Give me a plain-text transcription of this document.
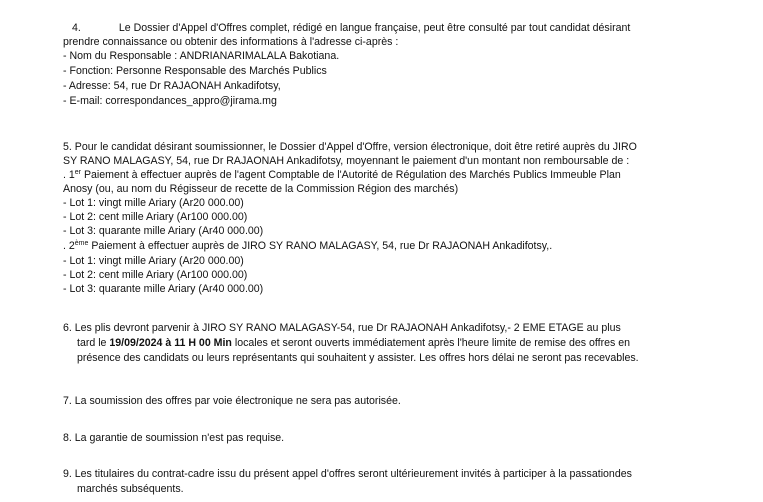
4.	Le Dossier d'Appel d'Offres complet, rédigé en langue française, peut être consulté par tout candidat désirant
prendre connaissance ou obtenir des informations à l'adresse ci-après :
- Nom du Responsable : ANDRIANARIMALALA Bakotiana.
- Fonction: Personne Responsable des Marchés Publics
- Adresse: 54, rue Dr RAJAONAH Ankadifotsy,
- E-mail: correspondances_appro@jirama.mg
5. Pour le candidat désirant soumissionner, le Dossier d'Appel d'Offre, version électronique, doit être retiré auprès du JIRO
SY RANO MALAGASY, 54, rue Dr RAJAONAH Ankadifotsy, moyennant le paiement d'un montant non remboursable de :
. 1er Paiement à effectuer auprès de l'agent Comptable de l'Autorité de Régulation des Marchés Publics Immeuble Plan
Anosy (ou, au nom du Régisseur de recette de la Commission Région des marchés)
- Lot 1: vingt mille Ariary (Ar20 000.00)
- Lot 2: cent mille Ariary (Ar100 000.00)
- Lot 3: quarante mille Ariary (Ar40 000.00)
. 2ème Paiement à effectuer auprès de JIRO SY RANO MALAGASY, 54, rue Dr RAJAONAH Ankadifotsy,.
- Lot 1: vingt mille Ariary (Ar20 000.00)
- Lot 2: cent mille Ariary (Ar100 000.00)
- Lot 3: quarante mille Ariary (Ar40 000.00)
6. Les plis devront parvenir à JIRO SY RANO MALAGASY-54, rue Dr RAJAONAH Ankadifotsy,- 2 EME ETAGE au plus
tard le 19/09/2024 à 11 H 00 Min locales et seront ouverts immédiatement après l'heure limite de remise des offres en
présence des candidats ou leurs représentants qui souhaitent y assister. Les offres hors délai ne seront pas recevables.
7. La soumission des offres par voie électronique ne sera pas autorisée.
8. La garantie de soumission n'est pas requise.
9. Les titulaires du contrat-cadre issu du présent appel d'offres seront ultérieurement invités à participer à la passationdes
marchés subséquents.
